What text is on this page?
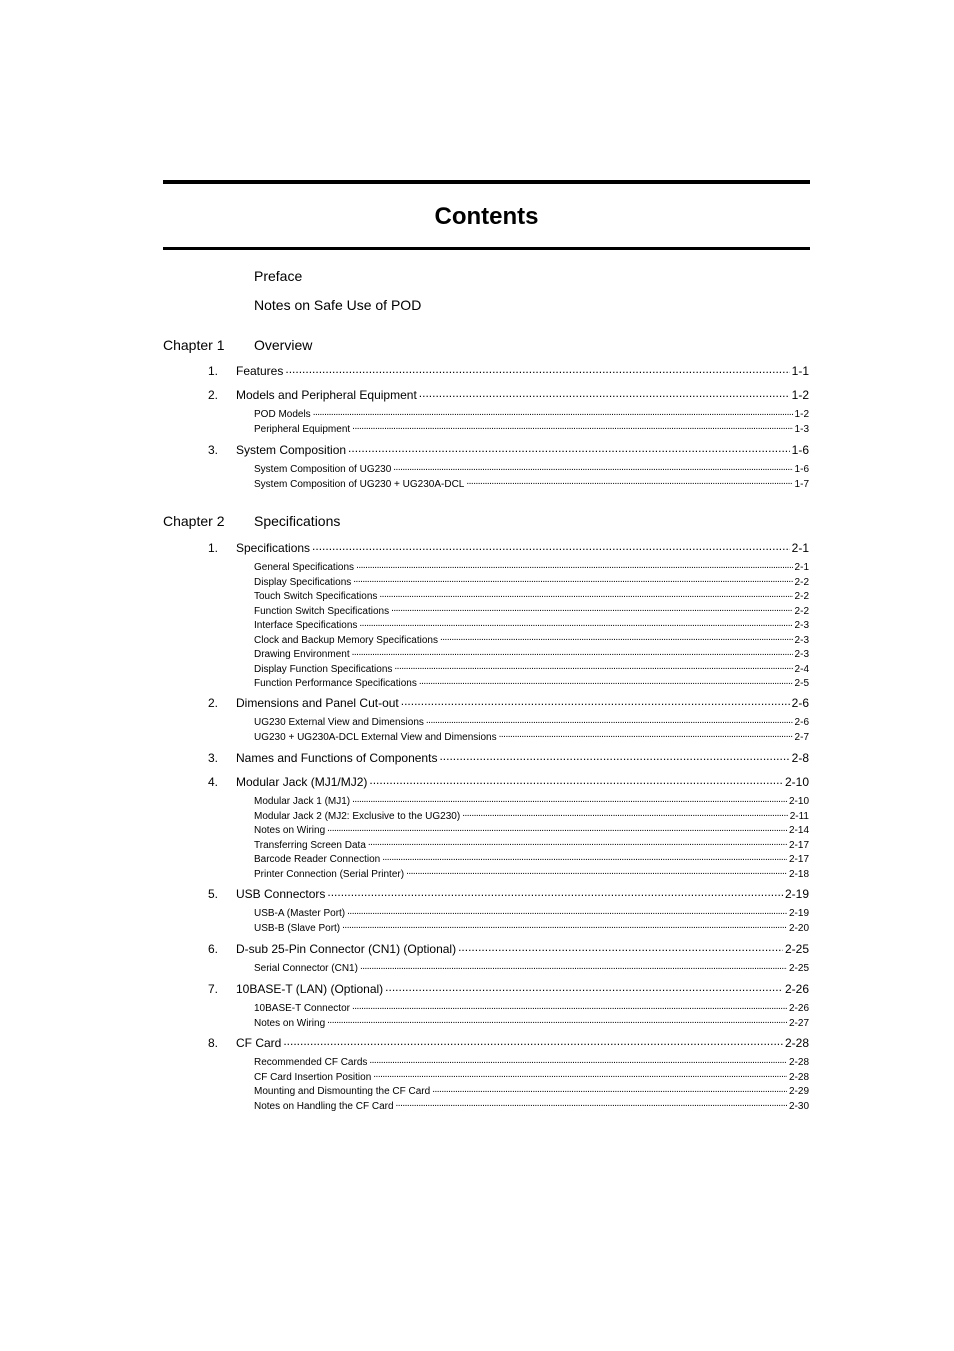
Contents
Preface
Notes on Safe Use of POD
Chapter 1 Overview
1.	Features .....	1-1
2.	Models and Peripheral Equipment .....	1-2
POD Models .....	1-2
Peripheral Equipment .....	1-3
3.	System Composition .....	1-6
System Composition of UG230 .....	1-6
System Composition of UG230 + UG230A-DCL .....	1-7
Chapter 2 Specifications
1.	Specifications .....	2-1
General Specifications .....	2-1
Display Specifications .....	2-2
Touch Switch Specifications .....	2-2
Function Switch Specifications .....	2-2
Interface Specifications .....	2-3
Clock and Backup Memory Specifications .....	2-3
Drawing Environment .....	2-3
Display Function Specifications .....	2-4
Function Performance Specifications .....	2-5
2.	Dimensions and Panel Cut-out .....	2-6
UG230 External View and Dimensions .....	2-6
UG230 + UG230A-DCL External View and Dimensions .....	2-7
3.	Names and Functions of Components .....	2-8
4.	Modular Jack (MJ1/MJ2) .....	2-10
Modular Jack 1 (MJ1) .....	2-10
Modular Jack 2 (MJ2: Exclusive to the UG230) .....	2-11
Notes on Wiring .....	2-14
Transferring Screen Data .....	2-17
Barcode Reader Connection .....	2-17
Printer Connection (Serial Printer) .....	2-18
5.	USB Connectors .....	2-19
USB-A (Master Port) .....	2-19
USB-B (Slave Port) .....	2-20
6.	D-sub 25-Pin Connector (CN1) (Optional) .....	2-25
Serial Connector (CN1) .....	2-25
7.	10BASE-T (LAN) (Optional) .....	2-26
10BASE-T Connector .....	2-26
Notes on Wiring .....	2-27
8.	CF Card .....	2-28
Recommended CF Cards .....	2-28
CF Card Insertion Position .....	2-28
Mounting and Dismounting the CF Card .....	2-29
Notes on Handling the CF Card .....	2-30
